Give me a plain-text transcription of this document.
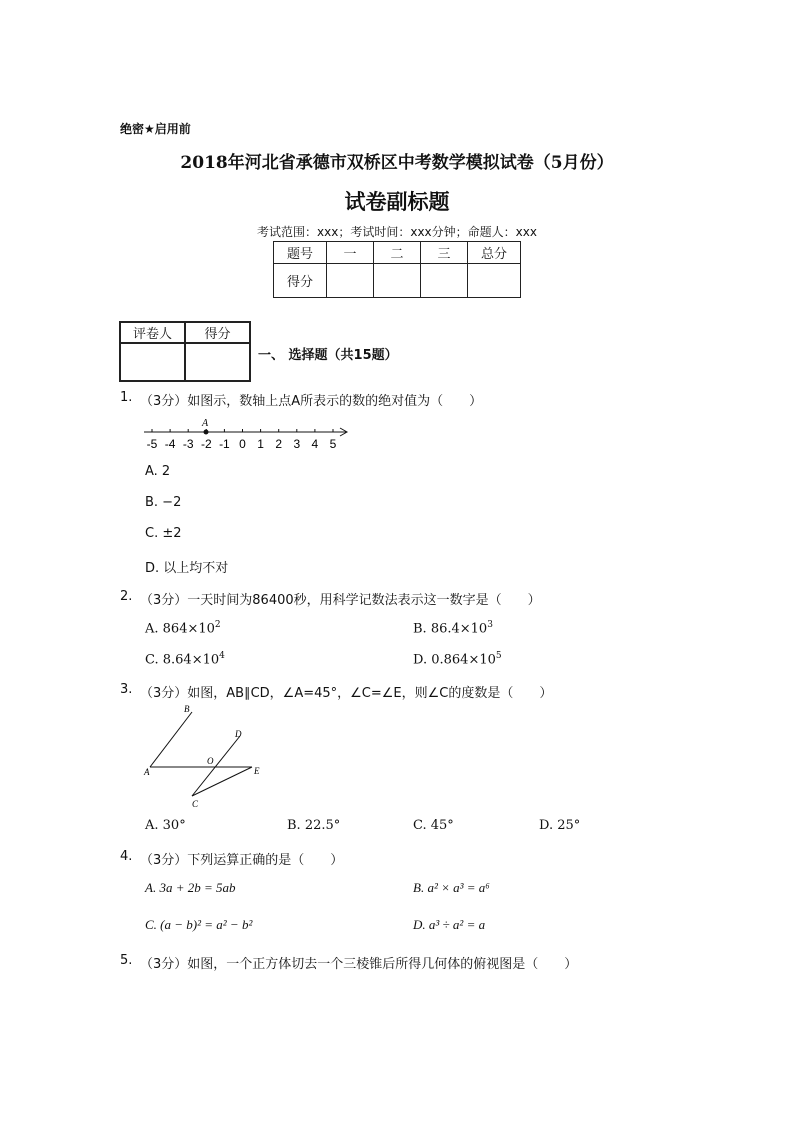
绝密★启用前
2018年河北省承德市双桥区中考数学模拟试卷（5月份）
试卷副标题
考试范围：xxx；考试时间：xxx分钟；命题人：xxx
题号	一	二	三	总分
得分				
评卷人	得分

一、 选择题（共15题）
1. （3分）如图示，数轴上点A所表示的数的绝对值为（　　）
-5 -4 -3 -2 -1 0 1 2 3 4 5
A
A. 2
B. −2
C. ±2
D. 以上均不对
2. （3分）一天时间为86400秒，用科学记数法表示这一数字是（　　）
A. $864\times 10^2$	B. $86.4\times 10^3$
C. $8.64\times 10^4$	D. $0.864\times 10^5$
3. （3分）如图，AB∥CD，∠A=45°，∠C=∠E，则∠C的度数是（　　）
B
D
O
A	E
C
A. 30°	B. 22.5°	C. 45°	D. 25°
4. （3分）下列运算正确的是（　　）
A. 3a + 2b = 5ab	B. a² × a³ = a⁶
C. (a − b)² = a² − b²	D. a³ ÷ a² = a
5. （3分）如图，一个正方体切去一个三棱锥后所得几何体的俯视图是（　　）
